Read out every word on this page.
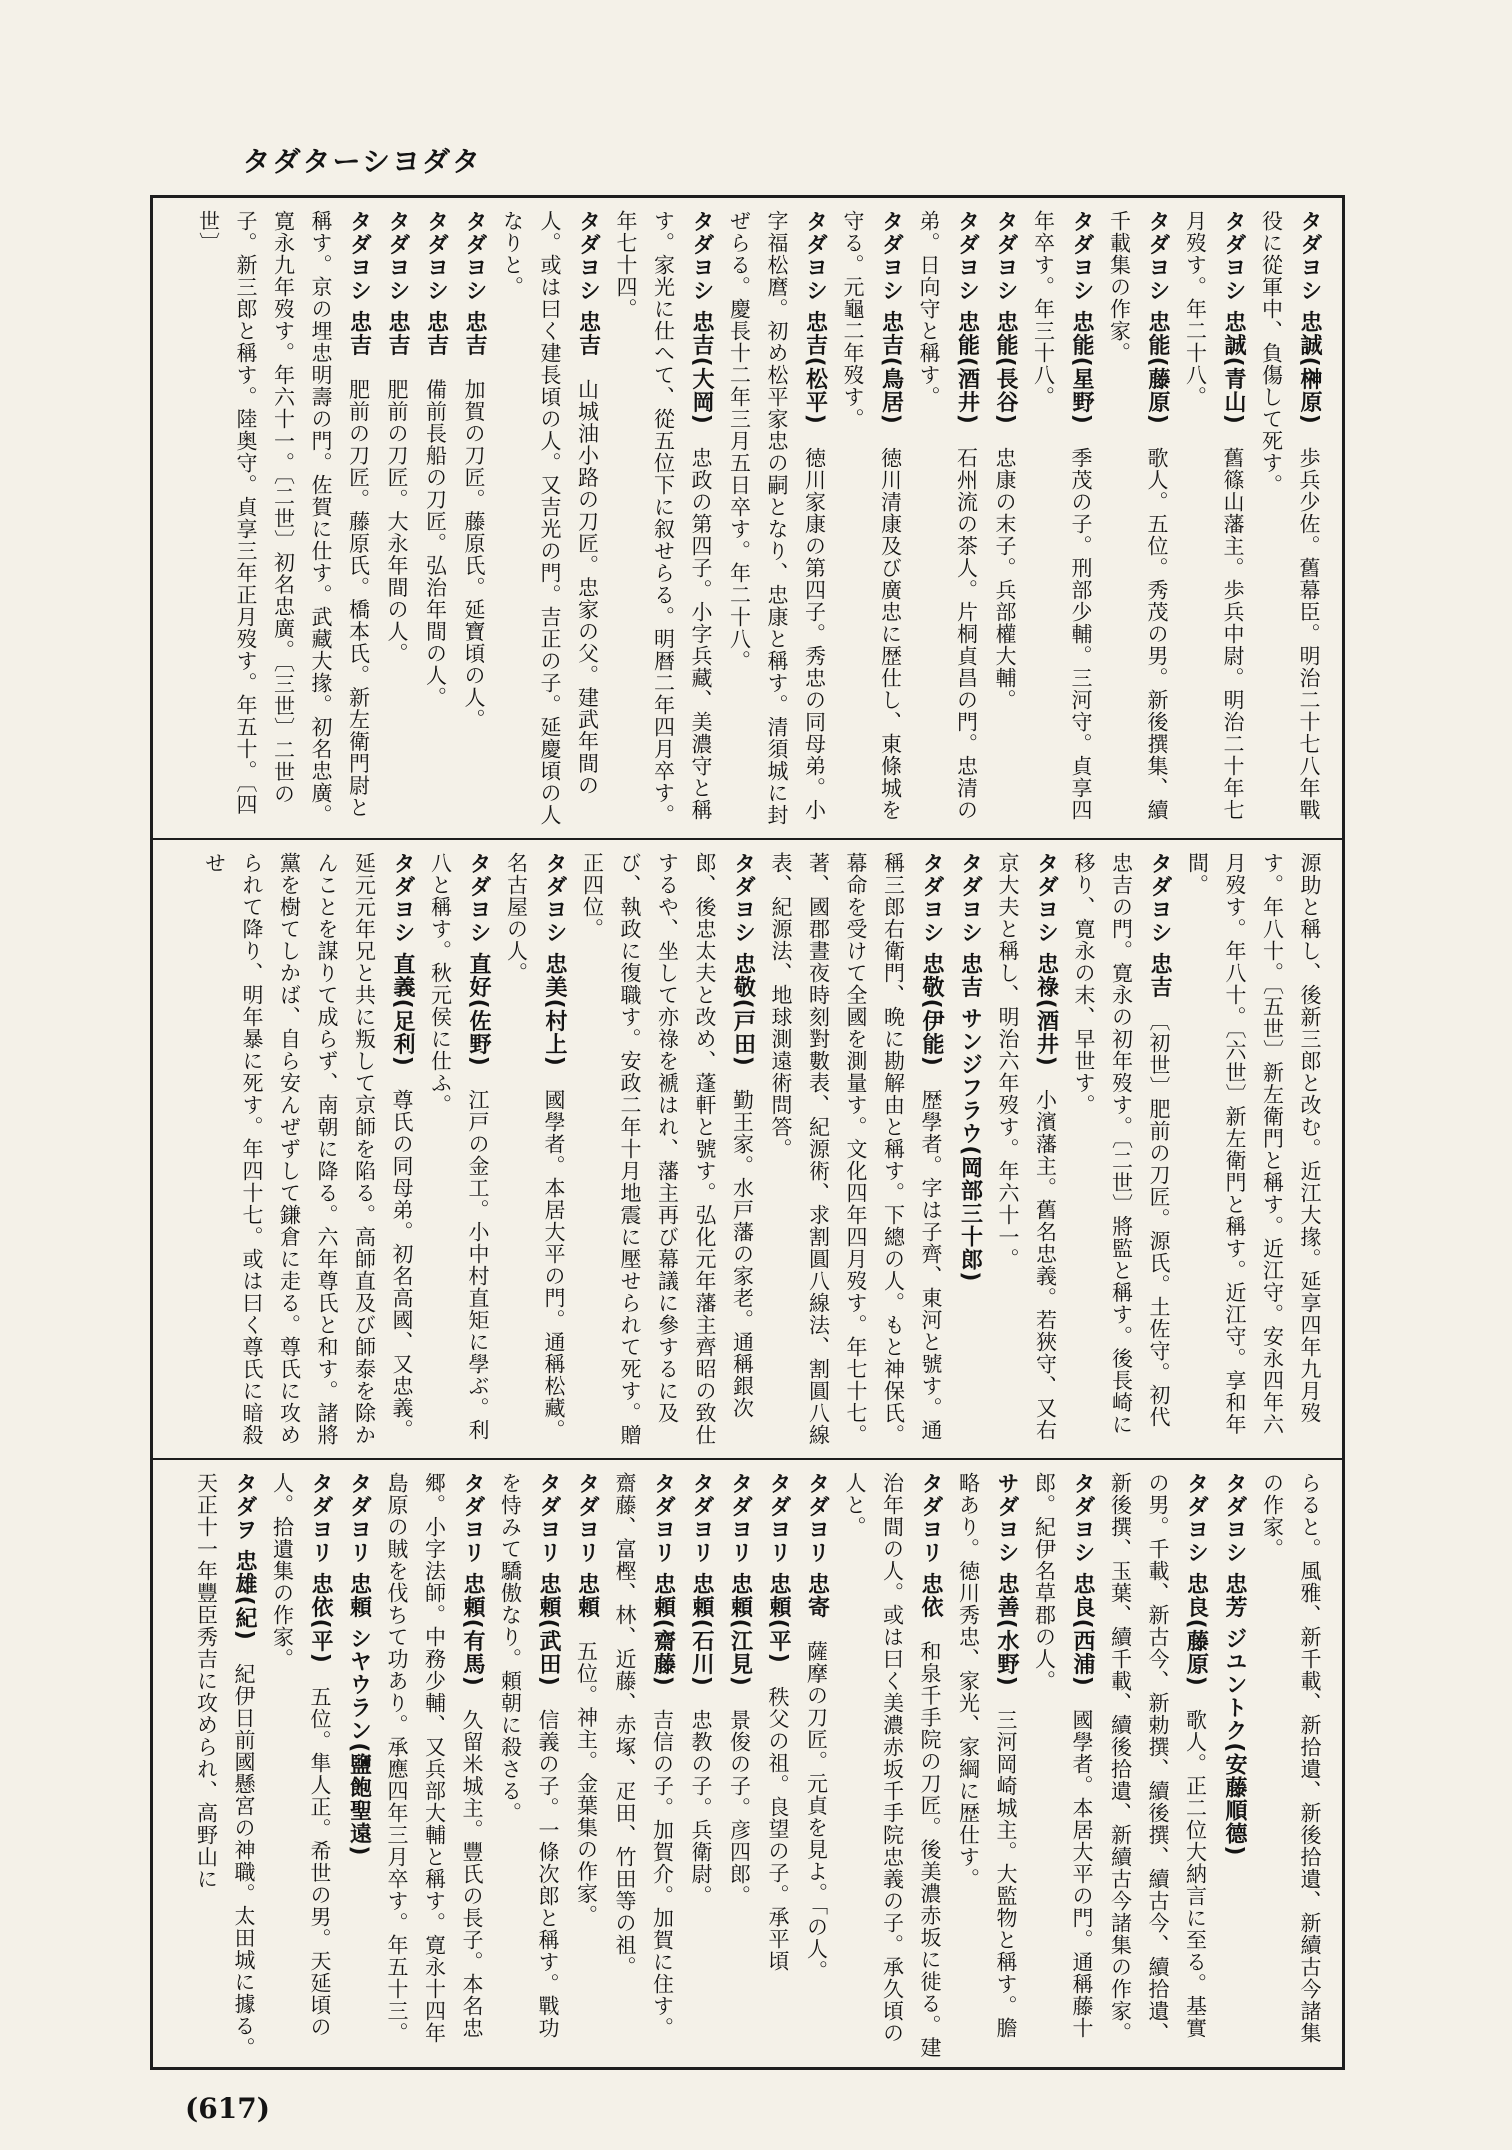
タダターシヨダタ

タダヨシ 忠誠(榊原)　歩兵少佐。舊幕臣。明治二十七八年戰役に從軍中、負傷して死す。

タダヨシ 忠誠(青山)　舊篠山藩主。歩兵中尉。明治二十年七月歿す。年二十八。

タダヨシ 忠能(藤原)　歌人。五位。秀茂の男。新後撰集、續千載集の作家。

タダヨシ 忠能(星野)　季茂の子。刑部少輔。三河守。貞享四年卒す。年三十八。

タダヨシ 忠能(長谷)　忠康の末子。兵部權大輔。

タダヨシ 忠能(酒井)　石州流の茶人。片桐貞昌の門。忠清の弟。日向守と稱す。

タダヨシ 忠吉(鳥居)　徳川清康及び廣忠に歴仕し、東條城を守る。元龜二年歿す。

タダヨシ 忠吉(松平)　徳川家康の第四子。秀忠の同母弟。小字福松麿。初め松平家忠の嗣となり、忠康と稱す。清須城に封ぜらる。慶長十二年三月五日卒す。年二十八。

タダヨシ 忠吉(大岡)　忠政の第四子。小字兵藏、美濃守と稱す。家光に仕へて、從五位下に叙せらる。明暦二年四月卒す。年七十四。

タダヨシ 忠吉　山城油小路の刀匠。忠家の父。建武年間の人。或は曰く建長頃の人。又吉光の門。吉正の子。延慶頃の人なりと。

タダヨシ 忠吉　加賀の刀匠。藤原氏。延寶頃の人。

タダヨシ 忠吉　備前長船の刀匠。弘治年間の人。

タダヨシ 忠吉　肥前の刀匠。大永年間の人。

タダヨシ 忠吉　肥前の刀匠。藤原氏。橋本氏。新左衛門尉と稱す。京の埋忠明壽の門。佐賀に仕す。武藏大掾。初名忠廣。寛永九年歿す。年六十一。〔二世〕初名忠廣。〔三世〕二世の子。新三郎と稱す。陸奥守。貞享三年正月歿す。年五十。〔四世〕

源助と稱し、後新三郎と改む。近江大掾。延享四年九月歿す。年八十。〔五世〕新左衛門と稱す。近江守。安永四年六月歿す。年八十。〔六世〕新左衛門と稱す。近江守。享和年間。

タダヨシ 忠吉　〔初世〕肥前の刀匠。源氏。土佐守。初代忠吉の門。寛永の初年歿す。〔二世〕將監と稱す。後長崎に移り、寛永の末、早世す。

タダヨシ 忠祿(酒井)　小濱藩主。舊名忠義。若狹守、又右京大夫と稱し、明治六年歿す。年六十一。

タダヨシ 忠吉 サンジフラウ(岡部三十郎)　

タダヨシ 忠敬(伊能)　歴學者。字は子齊、東河と號す。通稱三郎右衛門、晩に勘解由と稱す。下總の人。もと神保氏。幕命を受けて全國を測量す。文化四年四月歿す。年七十七。著、國郡晝夜時刻對數表、紀源術、求割圓八線法、割圓八線表、紀源法、地球測遠術問答。

タダヨシ 忠敬(戸田)　勤王家。水戸藩の家老。通稱銀次郎、後忠太夫と改め、蓬軒と號す。弘化元年藩主齊昭の致仕するや、坐して亦祿を褫はれ、藩主再び幕議に參するに及び、執政に復職す。安政二年十月地震に壓せられて死す。贈正四位。

タダヨシ 忠美(村上)　國學者。本居大平の門。通稱松藏。名古屋の人。

タダヨシ 直好(佐野)　江戸の金工。小中村直矩に學ぶ。利八と稱す。秋元侯に仕ふ。

タダヨシ 直義(足利)　尊氏の同母弟。初名高國、又忠義。延元元年兄と共に叛して京師を陷る。高師直及び師泰を除かんことを謀りて成らず、南朝に降る。六年尊氏と和す。諸將黨を樹てしかば、自ら安んぜずして鎌倉に走る。尊氏に攻められて降り、明年暴に死す。年四十七。或は曰く尊氏に暗殺せ

らると。風雅、新千載、新拾遺、新後拾遺、新續古今諸集の作家。

タダヨシ 忠芳 ジユントク(安藤順德)　

タダヨシ 忠良(藤原)　歌人。正二位大納言に至る。基實の男。千載、新古今、新勅撰、續後撰、續古今、續拾遺、新後撰、玉葉、續千載、續後拾遺、新續古今諸集の作家。

タダヨシ 忠良(西浦)　國學者。本居大平の門。通稱藤十郎。紀伊名草郡の人。

サダヨシ 忠善(水野)　三河岡崎城主。大監物と稱す。膽略あり。徳川秀忠、家光、家綱に歴仕す。

タダヨリ 忠依　和泉千手院の刀匠。後美濃赤坂に徙る。建治年間の人。或は曰く美濃赤坂千手院忠義の子。承久頃の人と。

タダヨリ 忠寄　薩摩の刀匠。元貞を見よ。「の人。

タダヨリ 忠頼(平)　秩父の祖。良望の子。承平頃

タダヨリ 忠頼(江見)　景俊の子。彦四郎。

タダヨリ 忠頼(石川)　忠教の子。兵衛尉。

タダヨリ 忠頼(齋藤)　吉信の子。加賀介。加賀に住す。齋藤、富樫、林、近藤、赤塚、疋田、竹田等の祖。

タダヨリ 忠頼　五位。神主。金葉集の作家。

タダヨリ 忠頼(武田)　信義の子。一條次郎と稱す。戰功を恃みて驕傲なり。頼朝に殺さる。

タダヨリ 忠頼(有馬)　久留米城主。豐氏の長子。本名忠郷。小字法師。中務少輔、又兵部大輔と稱す。寛永十四年島原の賊を伐ちて功あり。承應四年三月卒す。年五十三。

タダヨリ 忠頼 シヤウラン(鹽飽聖遠)　

タダヨリ 忠依(平)　五位。隼人正。希世の男。天延頃の人。拾遺集の作家。

タダヲ 忠雄(紀)　紀伊日前國懸宮の神職。太田城に據る。天正十一年豐臣秀吉に攻められ、高野山に

(617)
